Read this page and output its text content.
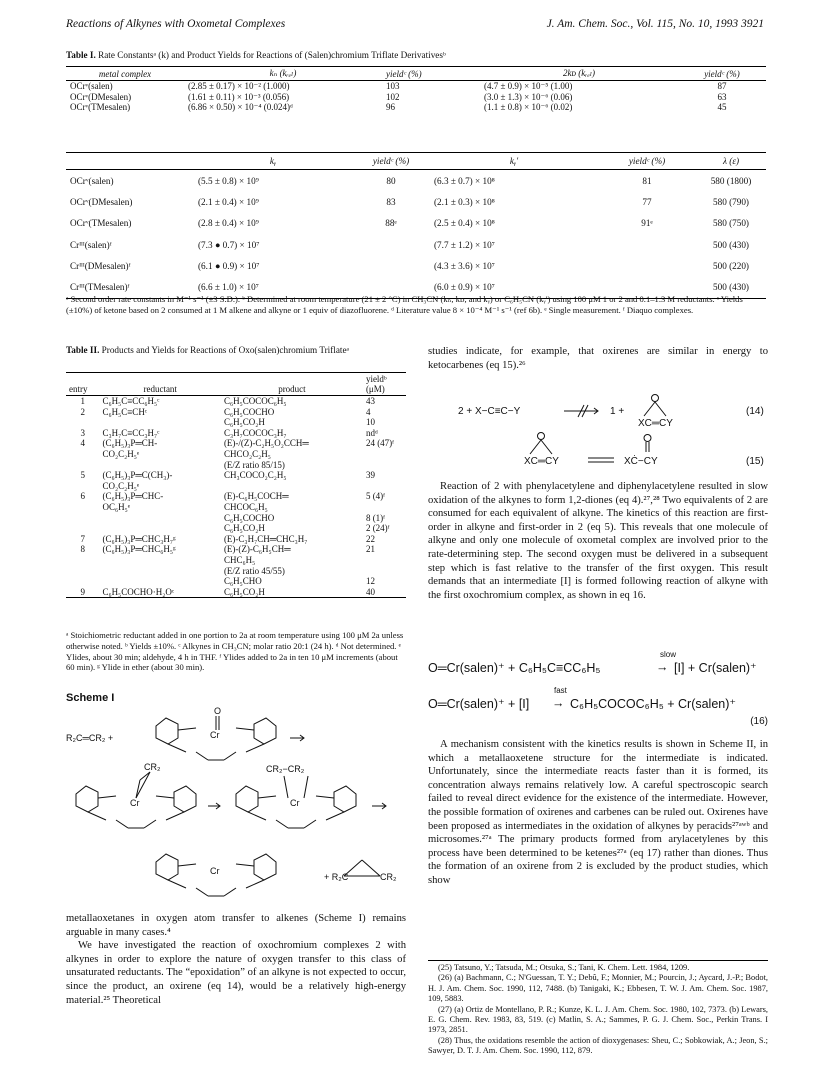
Reactions of Alkynes with Oxometal Complexes	J. Am. Chem. Soc., Vol. 115, No. 10, 1993 3921
Table I. Rate Constantsᵃ (k) and Product Yields for Reactions of (Salen)chromium Triflate Derivativesᵇ
metal complex	kₙ (kᵣₑₗ)	yieldᶜ (%)	2kᴅ (kᵣₑₗ)	yieldᶜ (%)
OCrᵛ(salen)	(2.85 ± 0.17) × 10⁻² (1.000)	103	(4.7 ± 0.9) × 10⁻⁵ (1.00)	87
OCrᵛ(DMesalen)	(1.61 ± 0.11) × 10⁻³ (0.056)	102	(3.0 ± 1.3) × 10⁻⁶ (0.06)	63
OCrᵛ(TMesalen)	(6.86 × 0.50) × 10⁻⁴ (0.024)ᵈ	96	(1.1 ± 0.8) × 10⁻⁶ (0.02)	45
	kᵧ	yieldᶜ (%)	kᵧ′	yieldᶜ (%)	λ (ε)
OCrᵛ(salen)	(5.5 ± 0.8) × 10⁹	80	(6.3 ± 0.7) × 10⁸	81	580 (1800)
OCrᵛ(DMesalen)	(2.1 ± 0.4) × 10⁹	83	(2.1 ± 0.3) × 10⁸	77	580 (790)
OCrᵛ(TMesalen)	(2.8 ± 0.4) × 10⁹	88ᵉ	(2.5 ± 0.4) × 10⁸	91ᵉ	580 (750)
Crᴵᴵᴵ(salen)ᶠ	(7.3 ● 0.7) × 10⁷		(7.7 ± 1.2) × 10⁷		500 (430)
Crᴵᴵᴵ(DMesalen)ᶠ	(6.1 ● 0.9) × 10⁷		(4.3 ± 3.6) × 10⁷		500 (220)
Crᴵᴵᴵ(TMesalen)ᶠ	(6.6 ± 1.0) × 10⁷		(6.0 ± 0.9) × 10⁷		500 (430)
ᵃ Second order rate constants in M⁻¹ s⁻¹ (±3 S.D.). ᵇ Determined at room temperature (21 ± 2 °C) in CH₃CN (kₙ, kᴅ, and kᵧ) or C₆H₅CN (kᵧ′) using 100 μM 1 or 2 and 0.1–1.3 M reductants. ᶜ Yields (±10%) of ketone based on 2 consumed at 1 M alkene and alkyne or 1 equiv of diazofluorene. ᵈ Literature value 8 × 10⁻⁴ M⁻¹ s⁻¹ (ref 6b). ᵉ Single measurement. ᶠ Diaquo complexes.
Table II. Products and Yields for Reactions of Oxo(salen)chromium Triflateᵃ
entry	reductant	product	yieldᵇ (μM)
1	C₆H₅C≡CC₆H₅ᶜ	C₆H₅COCOC₆H₅	43
2	C₆H₅C≡CHᶜ	C₆H₅COCHO	4
		C₆H₅CO₂H	10
3	C₃H₇C≡CC₃H₇ᶜ	C₃H₇COCOC₃H₇	ndᵈ
4	(C₆H₅)₃P═CH-	(E)-/(Z)-C₂H₅O₂CCH═	24 (47)ᶠ
	CO₂C₂H₅ᵉ	CHCO₂C₂H₅	
		(E/Z ratio 85/15)	
5	(C₆H₅)₃P═C(CH₃)-	CH₃COCO₂C₂H₅	39
	CO₂C₂H₅ᵉ		
6	(C₆H₅)₃P═CHC-	(E)-C₆H₅COCH═	5 (4)ᶠ
	OC₆H₅ᵉ	CHCOC₆H₅	
		C₆H₅COCHO	8 (1)ᶠ
		C₆H₅CO₂H	2 (24)ᶠ
7	(C₆H₅)₃P═CHC₃H₇ᵍ	(E)-C₃H₇CH═CHC₃H₇	22
8	(C₆H₅)₃P═CHC₆H₅ᵍ	(E)-(Z)-C₆H₅CH═	21
		CHC₆H₅	
		(E/Z ratio 45/55)	
		C₆H₅CHO	12
9	C₆H₅COCHO·H₂Oᶜ	C₆H₅CO₂H	40
ᵃ Stoichiometric reductant added in one portion to 2a at room temperature using 100 μM 2a unless otherwise noted. ᵇ Yields ±10%. ᶜ Alkynes in CH₃CN; molar ratio 20:1 (24 h). ᵈ Not determined. ᵉ Ylides, about 30 min; aldehyde, 4 h in THF. ᶠ Ylides added to 2a in ten 10 μM increments (about 60 min). ᵍ Ylide in ether (about 30 min).
Scheme I
R₂C═CR₂ +	Cr
O
Cr
CR₂
Cr
CR₂−CR₂
Cr
+ R₂C	CR₂

metallaoxetanes in oxygen atom transfer to alkenes (Scheme I) remains arguable in many cases.⁴

We have investigated the reaction of oxochromium complexes 2 with alkynes in order to explore the nature of oxygen transfer to this class of unsaturated reductants. The “epoxidation” of an alkyne is not expected to occur, since the product, an oxirene (eq 14), would be a relatively high-energy material.²⁵ Theoretical

studies indicate, for example, that oxirenes are similar in energy to ketocarbenes (eq 15).²⁶

2 + X−C≡C−Y	1 +
XC═CY
(14)
XC═CY	XĊ−CY	(15)

Reaction of 2 with phenylacetylene and diphenylacetylene resulted in slow oxidation of the alkynes to form 1,2-diones (eq 4).²⁷,²⁸ Two equivalents of 2 are consumed for each equivalent of alkyne. The kinetics of this reaction are first-order in alkyne and first-order in 2 (eq 5). This reveals that one molecule of alkyne and only one molecule of oxometal complex are involved prior to the rate-determining step. The second oxygen must be delivered in a subsequent step which is fast relative to the transfer of the first oxygen. This result demands that an intermediate [I] is formed following reaction of alkyne with the first oxochromium complex, as shown in eq 16.

O═Cr(salen)⁺ + C₆H₅C≡CC₆H₅
slow
→ [I] + Cr(salen)⁺
O═Cr(salen)⁺ + [I]
fast
→ C₆H₅COCOC₆H₅ + Cr(salen)⁺
(16)

A mechanism consistent with the kinetics results is shown in Scheme II, in which a metallaoxetene structure for the intermediate is indicated. Unfortunately, since the intermediate reacts faster than it is formed, its concentration always remains relatively low. A careful spectroscopic search failed to reveal direct evidence for the existence of the intermediate. However, the possible formation of oxirenes and carbenes can be ruled out. Oxirenes have been proposed as intermediates in the oxidation of alkynes by peracids²⁷ᵃʷᵇ and microsomes.²⁷ᵃ The primary products formed from arylacetylenes by this process have been determined to be ketenes²⁷ᵃ (eq 17) rather than diones. Thus the formation of an oxirene from 2 is excluded by the product studies, which show

(25) Tatsuno, Y.; Tatsuda, M.; Otsuka, S.; Tani, K. Chem. Lett. 1984, 1209.

(26) (a) Bachmann, C.; N'Guessan, T. Y.; Debû, F.; Monnier, M.; Pourcin, J.; Aycard, J.-P.; Bodot, H. J. Am. Chem. Soc. 1990, 112, 7488. (b) Tanigaki, K.; Ebbesen, T. W. J. Am. Chem. Soc. 1987, 109, 5883.

(27) (a) Ortiz de Montellano, P. R.; Kunze, K. L. J. Am. Chem. Soc. 1980, 102, 7373. (b) Lewars, E. G. Chem. Rev. 1983, 83, 519. (c) Matlin, S. A.; Sammes, P. G. J. Chem. Soc., Perkin Trans. I 1973, 2851.

(28) Thus, the oxidations resemble the action of dioxygenases: Sheu, C.; Sobkowiak, A.; Jeon, S.; Sawyer, D. T. J. Am. Chem. Soc. 1990, 112, 879.
